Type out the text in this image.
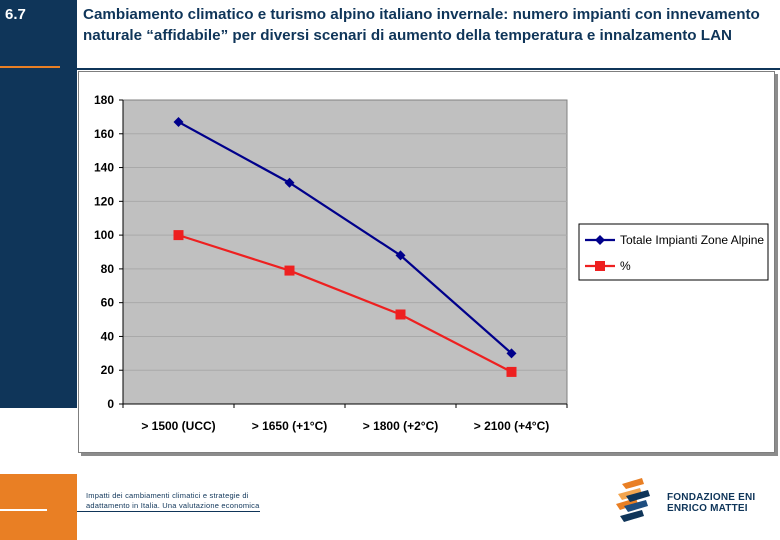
6.7	Cambiamento climatico e turismo alpino italiano invernale: numero impianti con innevamento naturale “affidabile” per diversi scenari di aumento della temperatura e innalzamento LAN
0
20
40
60
80
100
120
140
160
180
> 1500 (UCC)	> 1650 (+1°C)	> 1800 (+2°C)	> 2100 (+4°C)
Totale Impianti Zone Alpine
%
Impatti dei cambiamenti climatici e strategie di adattamento in Italia. Una valutazione economica
FONDAZIONE ENI
ENRICO MATTEI
